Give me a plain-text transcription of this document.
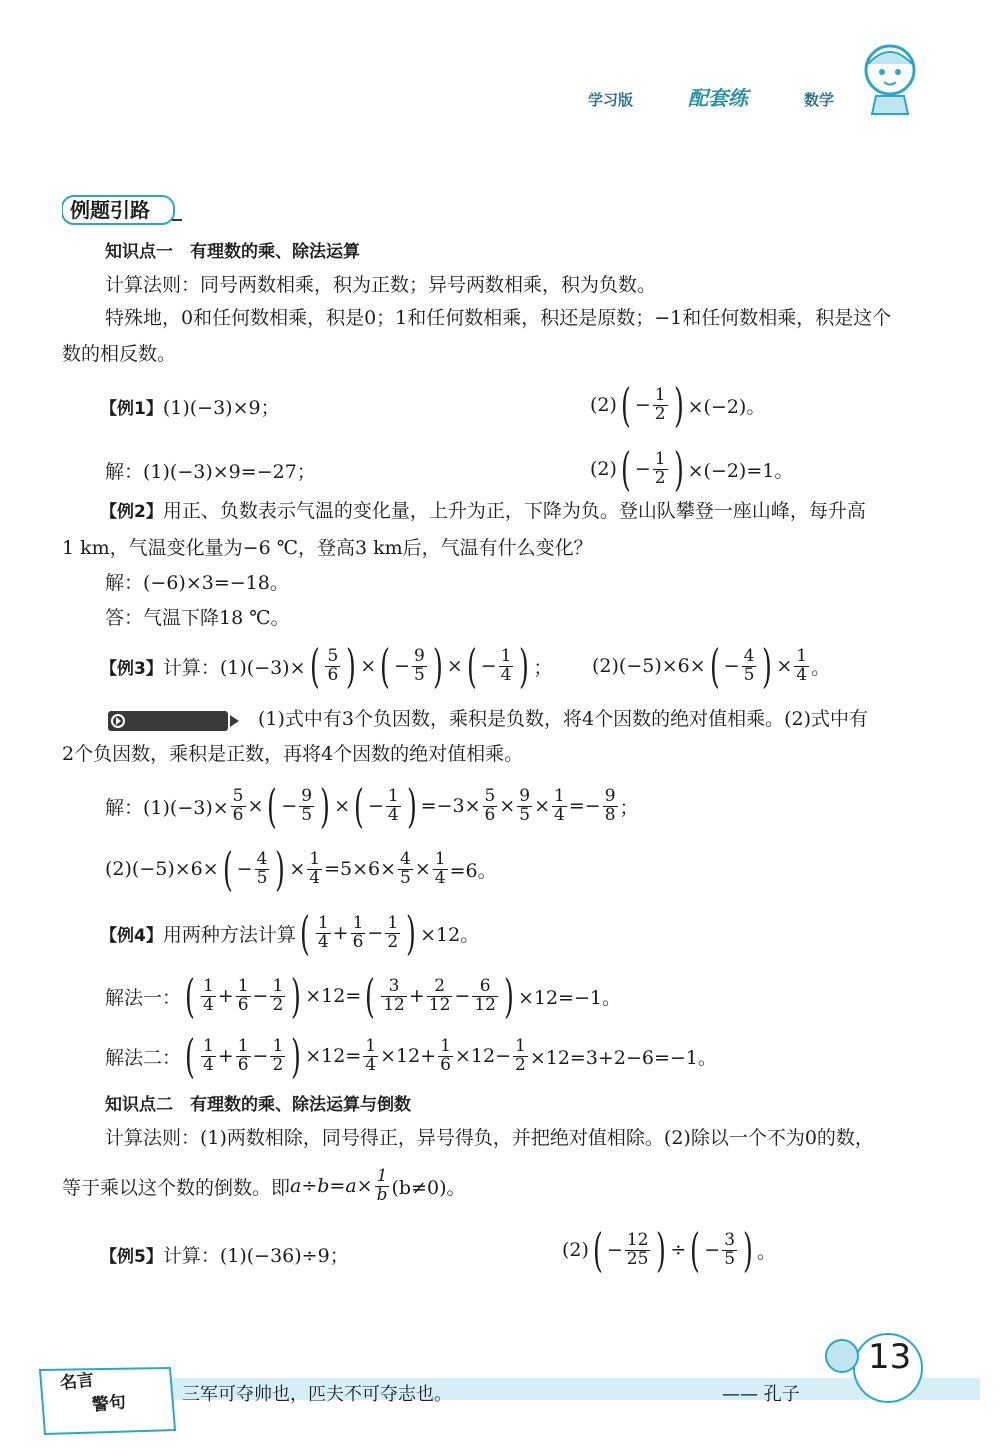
学习版	配套练	数学
例题引路
知识点一　有理数的乘、除法运算
计算法则：同号两数相乘，积为正数；异号两数相乘，积为负数。
特殊地，0和任何数相乘，积是0；1和任何数相乘，积还是原数；−1和任何数相乘，积是这个
数的相反数。
【例1】 (1)(−3)×9；	(2) ( − $\frac{1}{2}$ ) ×(−2)。
解： (1)(−3)×9=−27；	(2) ( − $\frac{1}{2}$ ) ×(−2)=1。
【例2】用正、负数表示气温的变化量，上升为正，下降为负。登山队攀登一座山峰，每升高
1 km，气温变化量为−6 ℃，登高3 km后，气温有什么变化？
解：(−6)×3=−18。
答：气温下降18 ℃。
【例3】 计算：(1)(−3)× ( $\frac{5}{6}$ ) × ( − $\frac{9}{5}$ ) × ( − $\frac{1}{4}$ ) ； (2)(−5)×6× ( − $\frac{4}{5}$ ) × $\frac{1}{4}$ 。
(1)式中有3个负因数，乘积是负数，将4个因数的绝对值相乘。(2)式中有
2个负因数，乘积是正数，再将4个因数的绝对值相乘。
解：$(1)(-3)\times \frac{5}{6}$ × ( − $\frac{9}{5}$ ) × ( − $\frac{1}{4}$ ) $=-3\times \frac{5}{6} \times \frac{9}{5} \times \frac{1}{4} =- \frac{9}{8}$ ；
(2)(−5)×6× ( − $\frac{4}{5}$ ) × $\frac{1}{4} =5\times 6\times \frac{4}{5} \times \frac{1}{4} =6$。
【例4】 用两种方法计算 ( $\frac{1}{4} + \frac{1}{6} - \frac{1}{2}$ ) ×12。
解法一： ( $\frac{1}{4} + \frac{1}{6} - \frac{1}{2}$ ) ×12= ( $\frac{3}{12} + \frac{2}{12} - \frac{6}{12}$ ) ×12=−1。
解法二： ( $\frac{1}{4} + \frac{1}{6} - \frac{1}{2}$ ) $\times 12= \frac{1}{4} \times 12+ \frac{1}{6} \times 12- \frac{1}{2} \times 12=3+2-6=-1$。
知识点二　有理数的乘、除法运算与倒数
计算法则：(1)两数相除，同号得正，异号得负，并把绝对值相除。(2)除以一个不为0的数，
等于乘以这个数的倒数。即 $a\div b=a\times \frac{1}{b} (b\ne 0)$。
【例5】 计算：(1)(−36)÷9；	(2) ( − $\frac{12}{25}$ ) ÷ ( − $\frac{3}{5}$ ) 。
名言
警句	三军可夺帅也，匹夫不可夺志也。	—— 孔子
13
